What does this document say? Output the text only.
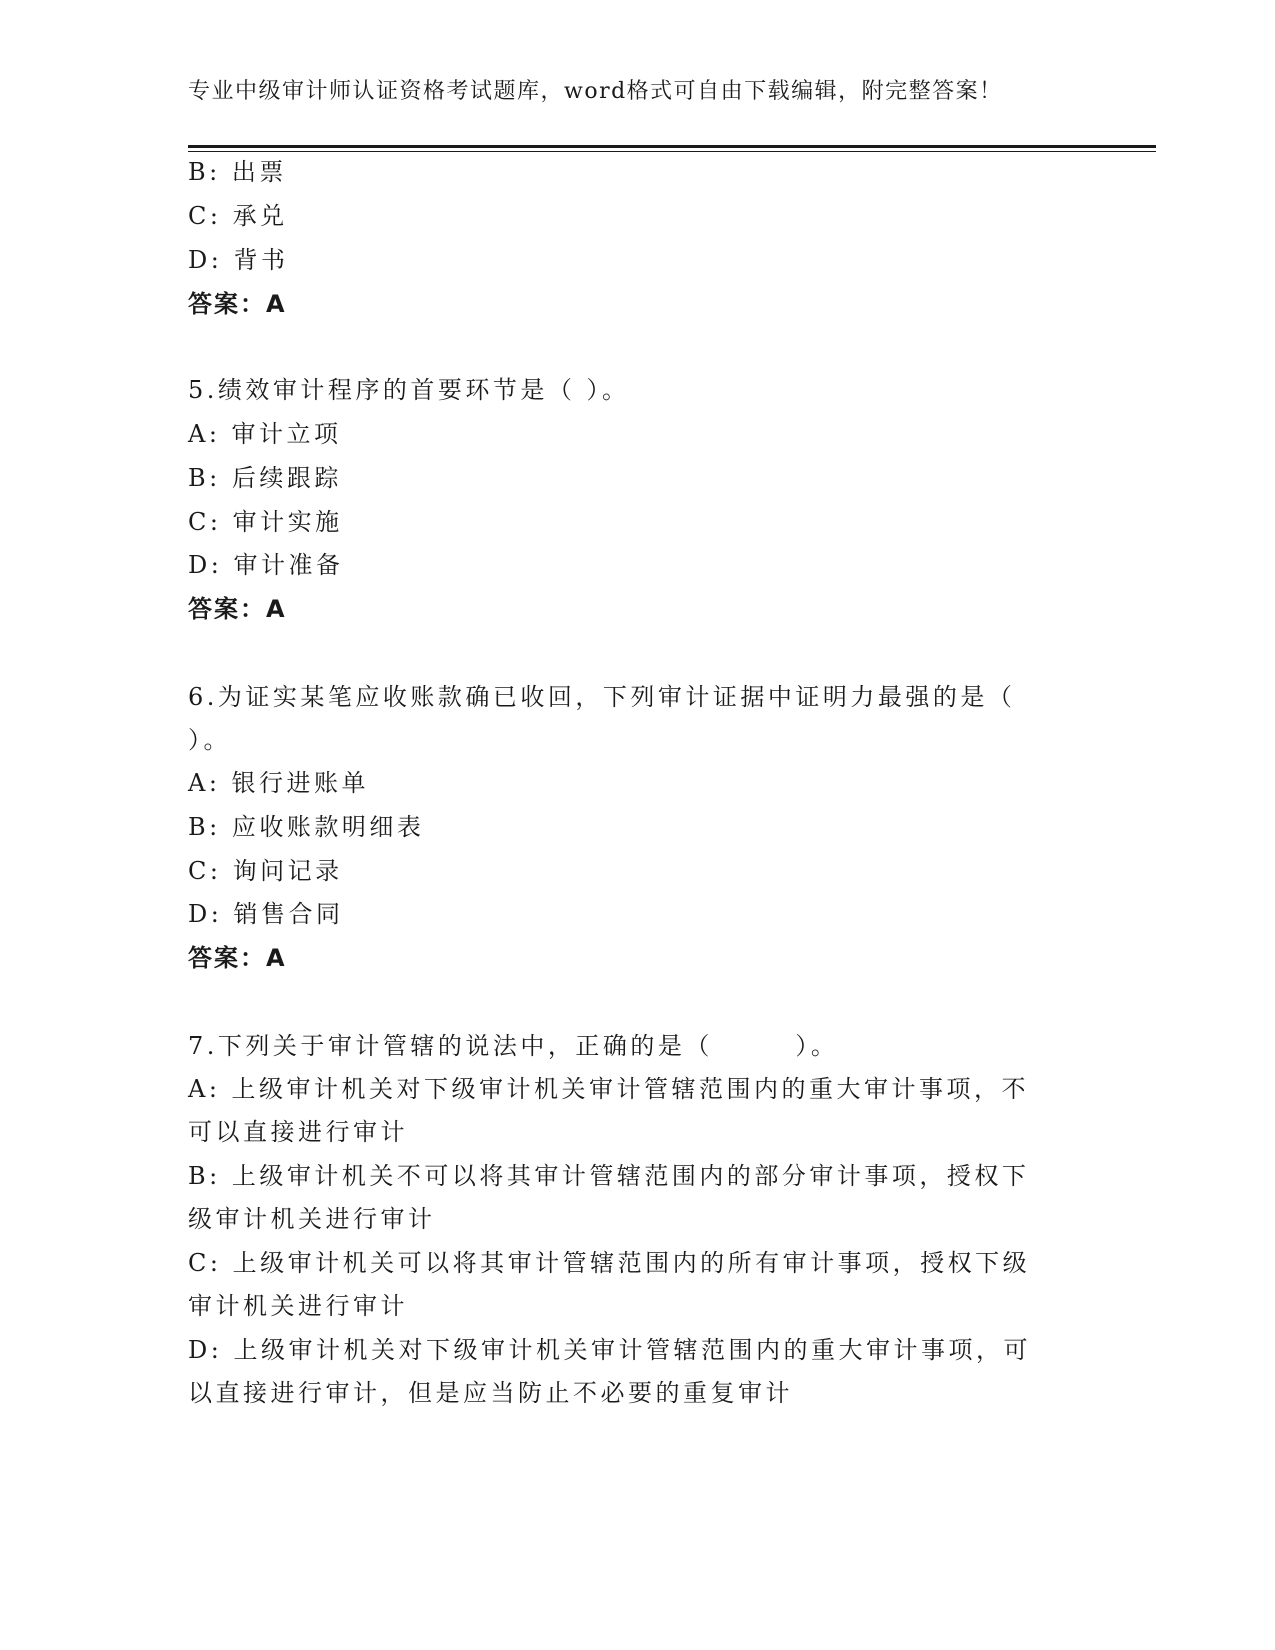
专业中级审计师认证资格考试题库，word格式可自由下载编辑，附完整答案！
B: 出票
C: 承兑
D: 背书
答案：A
5.绩效审计程序的首要环节是（ ）。
A: 审计立项
B: 后续跟踪
C: 审计实施
D: 审计准备
答案：A
6.为证实某笔应收账款确已收回，下列审计证据中证明力最强的是（
）。
A: 银行进账单
B: 应收账款明细表
C: 询问记录
D: 销售合同
答案：A
7.下列关于审计管辖的说法中，正确的是（　　　）。
A: 上级审计机关对下级审计机关审计管辖范围内的重大审计事项，不
可以直接进行审计
B: 上级审计机关不可以将其审计管辖范围内的部分审计事项，授权下
级审计机关进行审计
C: 上级审计机关可以将其审计管辖范围内的所有审计事项，授权下级
审计机关进行审计
D: 上级审计机关对下级审计机关审计管辖范围内的重大审计事项，可
以直接进行审计，但是应当防止不必要的重复审计
